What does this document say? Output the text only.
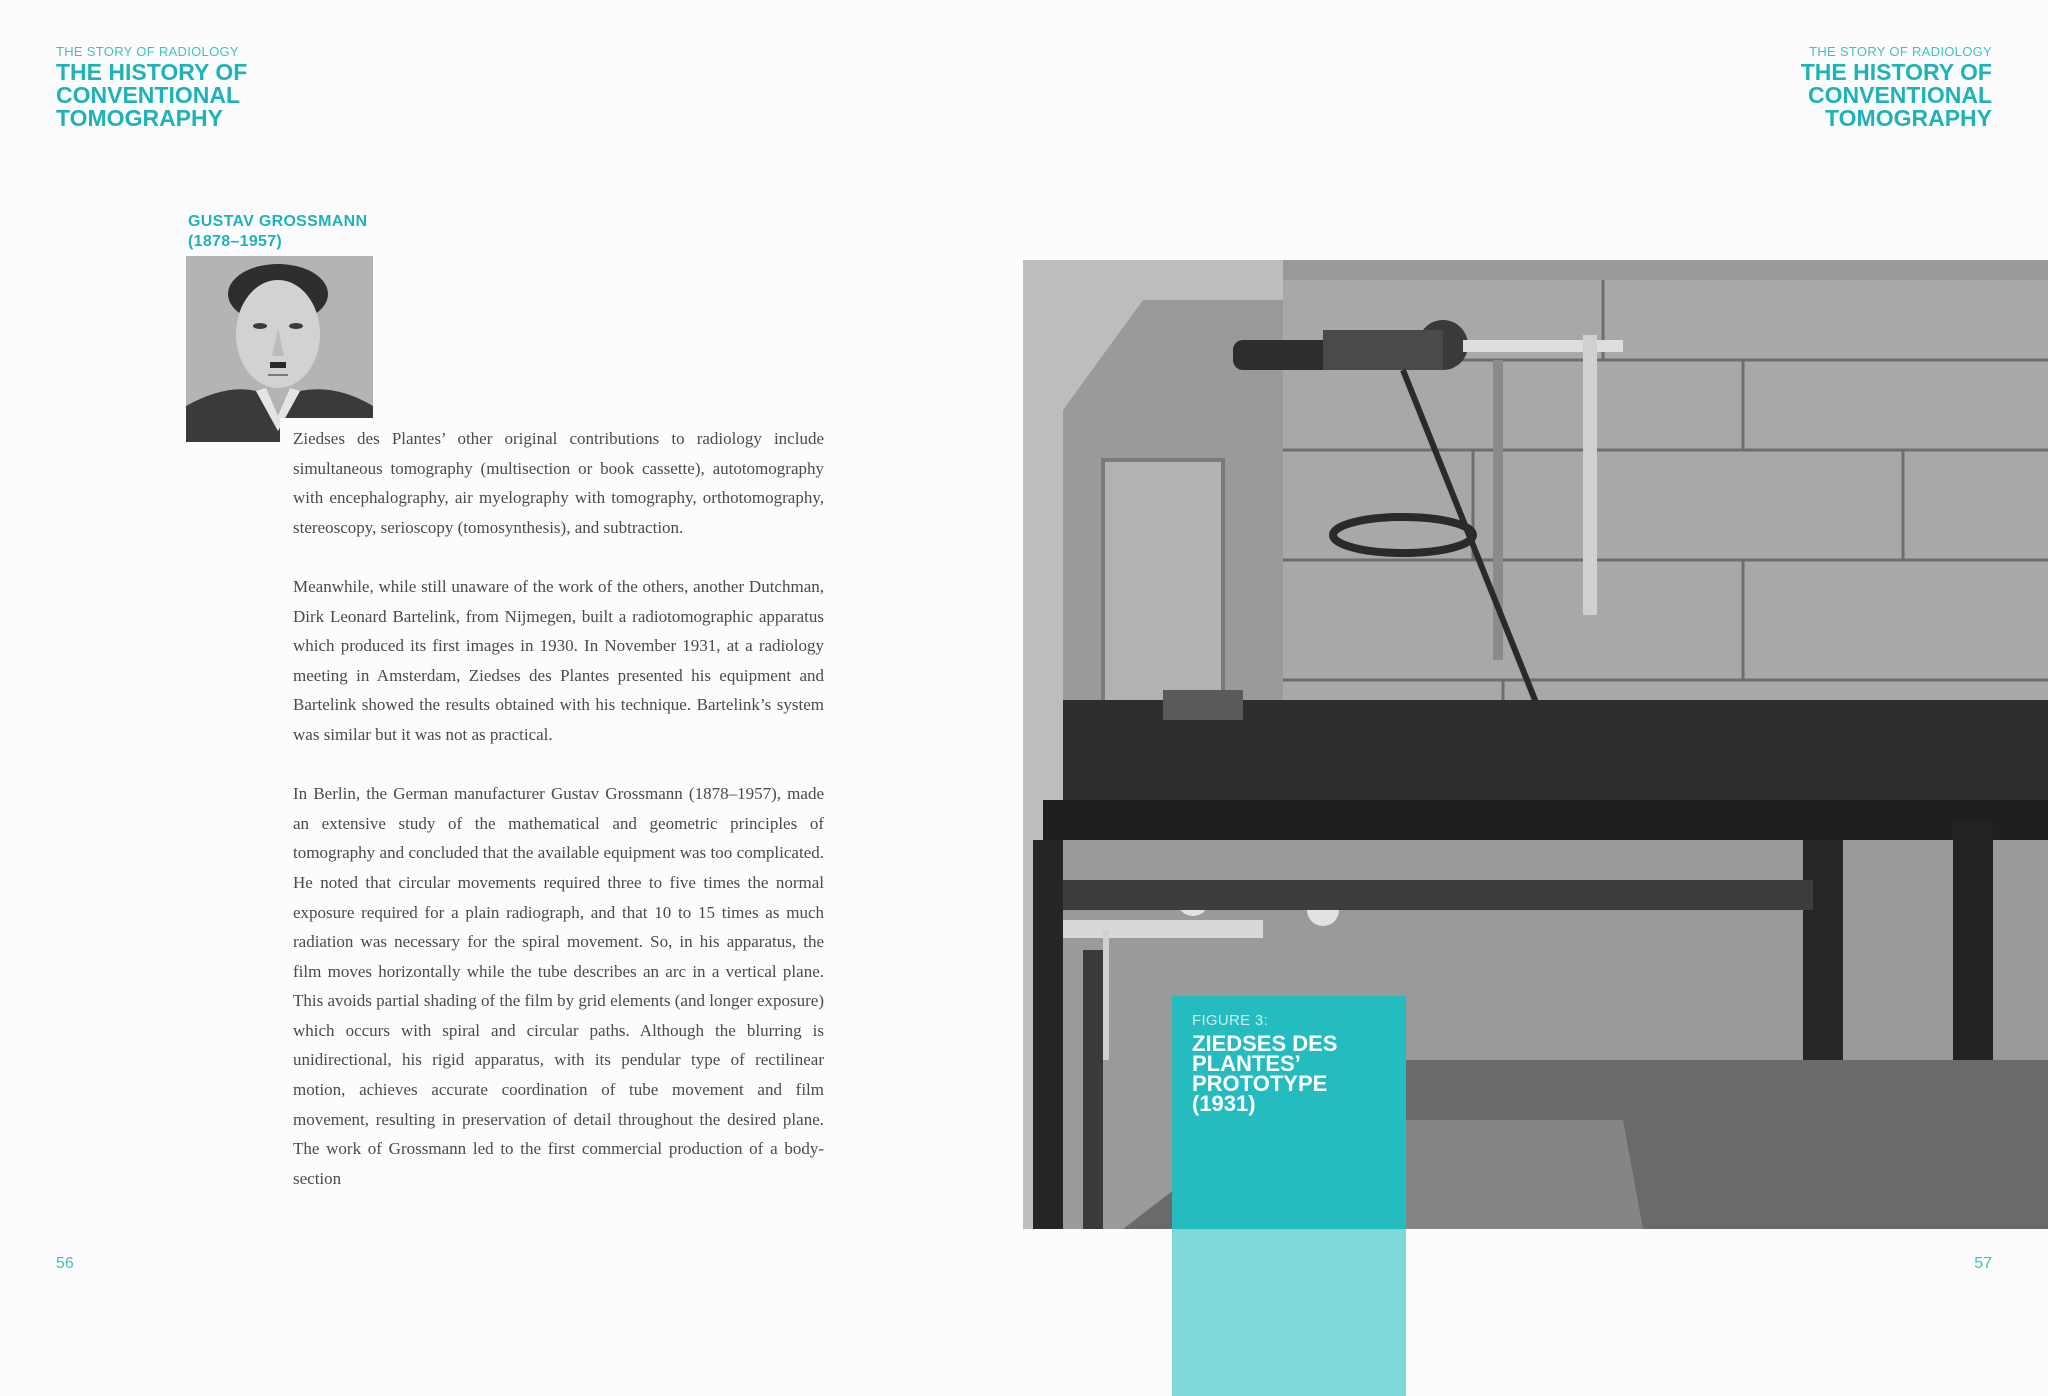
THE STORY OF RADIOLOGY
THE HISTORY OF CONVENTIONAL TOMOGRAPHY
THE STORY OF RADIOLOGY
THE HISTORY OF CONVENTIONAL TOMOGRAPHY
GUSTAV GROSSMANN
(1878–1957)

Ziedses des Plantes’ other original contributions to radiology include simultaneous tomography (multisection or book cassette), autotomography with encephalography, air myelography with tomography, orthotomography, stereoscopy, serioscopy (tomosynthesis), and subtraction.

Meanwhile, while still unaware of the work of the others, another Dutchman, Dirk Leonard Bartelink, from Nijmegen, built a radiotomographic apparatus which produced its first images in 1930. In November 1931, at a radiology meeting in Amsterdam, Ziedses des Plantes presented his equipment and Bartelink showed the results obtained with his technique. Bartelink’s system was similar but it was not as practical.

In Berlin, the German manufacturer Gustav Grossmann (1878–1957), made an extensive study of the mathematical and geometric principles of tomography and concluded that the available equipment was too complicated. He noted that circular movements required three to five times the normal exposure required for a plain radiograph, and that 10 to 15 times as much radiation was necessary for the spiral movement. So, in his apparatus, the film moves horizontally while the tube describes an arc in a vertical plane. This avoids partial shading of the film by grid elements (and longer exposure) which occurs with spiral and circular paths. Although the blurring is unidirectional, his rigid apparatus, with its pendular type of rectilinear motion, achieves accurate coordination of tube movement and film movement, resulting in preservation of detail throughout the desired plane. The work of Grossmann led to the first commercial production of a body-section

FIGURE 3:
ZIEDSES DES PLANTES’ PROTOTYPE (1931)
56	57
